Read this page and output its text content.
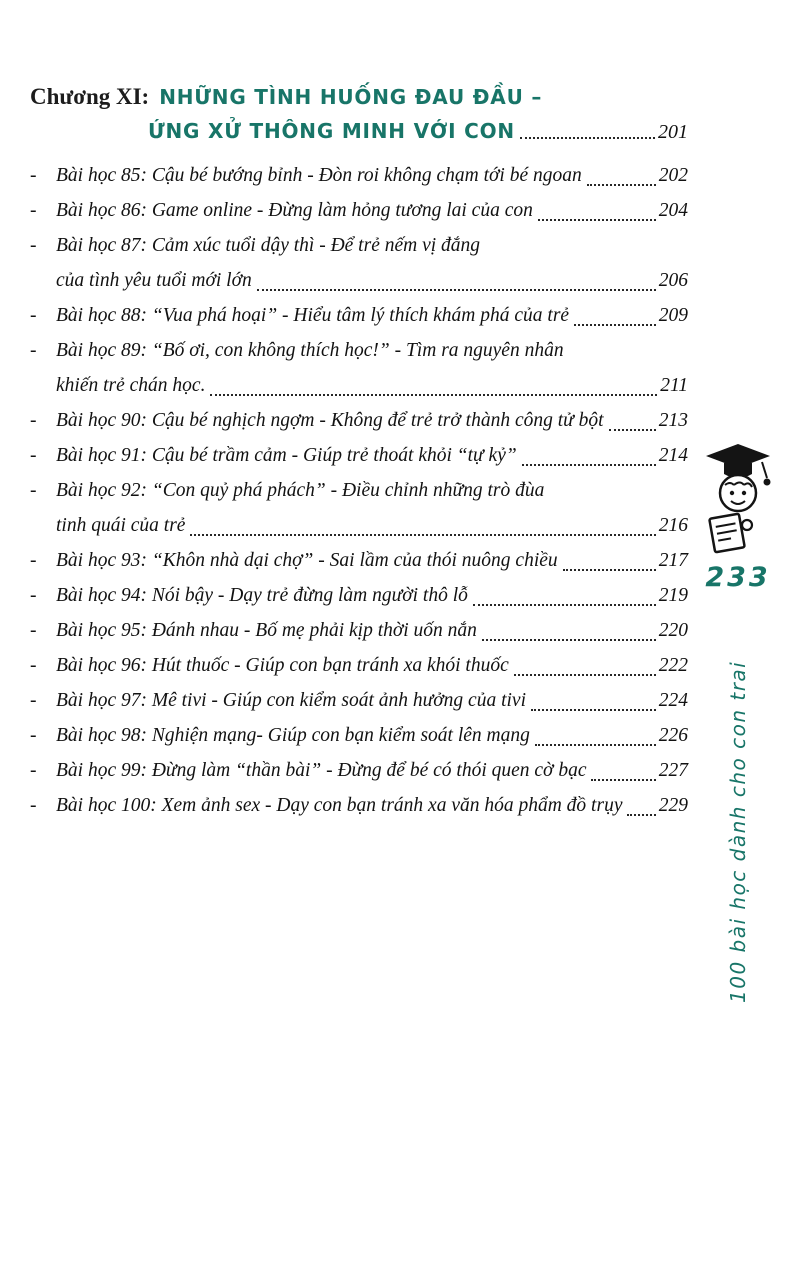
Chương XI: NHỮNG TÌNH HUỐNG ĐAU ĐẦU –
ỨNG XỬ THÔNG MINH VỚI CON	201
-	Bài học 85: Cậu bé bướng bỉnh - Đòn roi không chạm tới bé ngoan	202
-	Bài học 86: Game online - Đừng làm hỏng tương lai của con	204
-	Bài học 87: Cảm xúc tuổi dậy thì - Để trẻ nếm vị đắng
của tình yêu tuổi mới lớn	206
-	Bài học 88: “Vua phá hoại” - Hiểu tâm lý thích khám phá của trẻ	209
-	Bài học 89: “Bố ơi, con không thích học!” - Tìm ra nguyên nhân
khiến trẻ chán học.	211
-	Bài học 90: Cậu bé nghịch ngợm - Không để trẻ trở thành công tử bột	213
-	Bài học 91: Cậu bé trầm cảm - Giúp trẻ thoát khỏi “tự kỷ”	214
-	Bài học 92: “Con quỷ phá phách” - Điều chỉnh những trò đùa
tinh quái của trẻ	216
-	Bài học 93: “Khôn nhà dại chợ” - Sai lầm của thói nuông chiều	217
-	Bài học 94: Nói bậy - Dạy trẻ đừng làm người thô lỗ	219
-	Bài học 95: Đánh nhau - Bố mẹ phải kịp thời uốn nắn	220
-	Bài học 96: Hút thuốc - Giúp con bạn tránh xa khói thuốc	222
-	Bài học 97: Mê tivi - Giúp con kiểm soát ảnh hưởng của tivi	224
-	Bài học 98: Nghiện mạng- Giúp con bạn kiểm soát lên mạng	226
-	Bài học 99: Đừng làm “thần bài” - Đừng để bé có thói quen cờ bạc	227
-	Bài học 100: Xem ảnh sex - Dạy con bạn tránh xa văn hóa phẩm đồ trụy 229
233
100 bài học dành cho con trai
